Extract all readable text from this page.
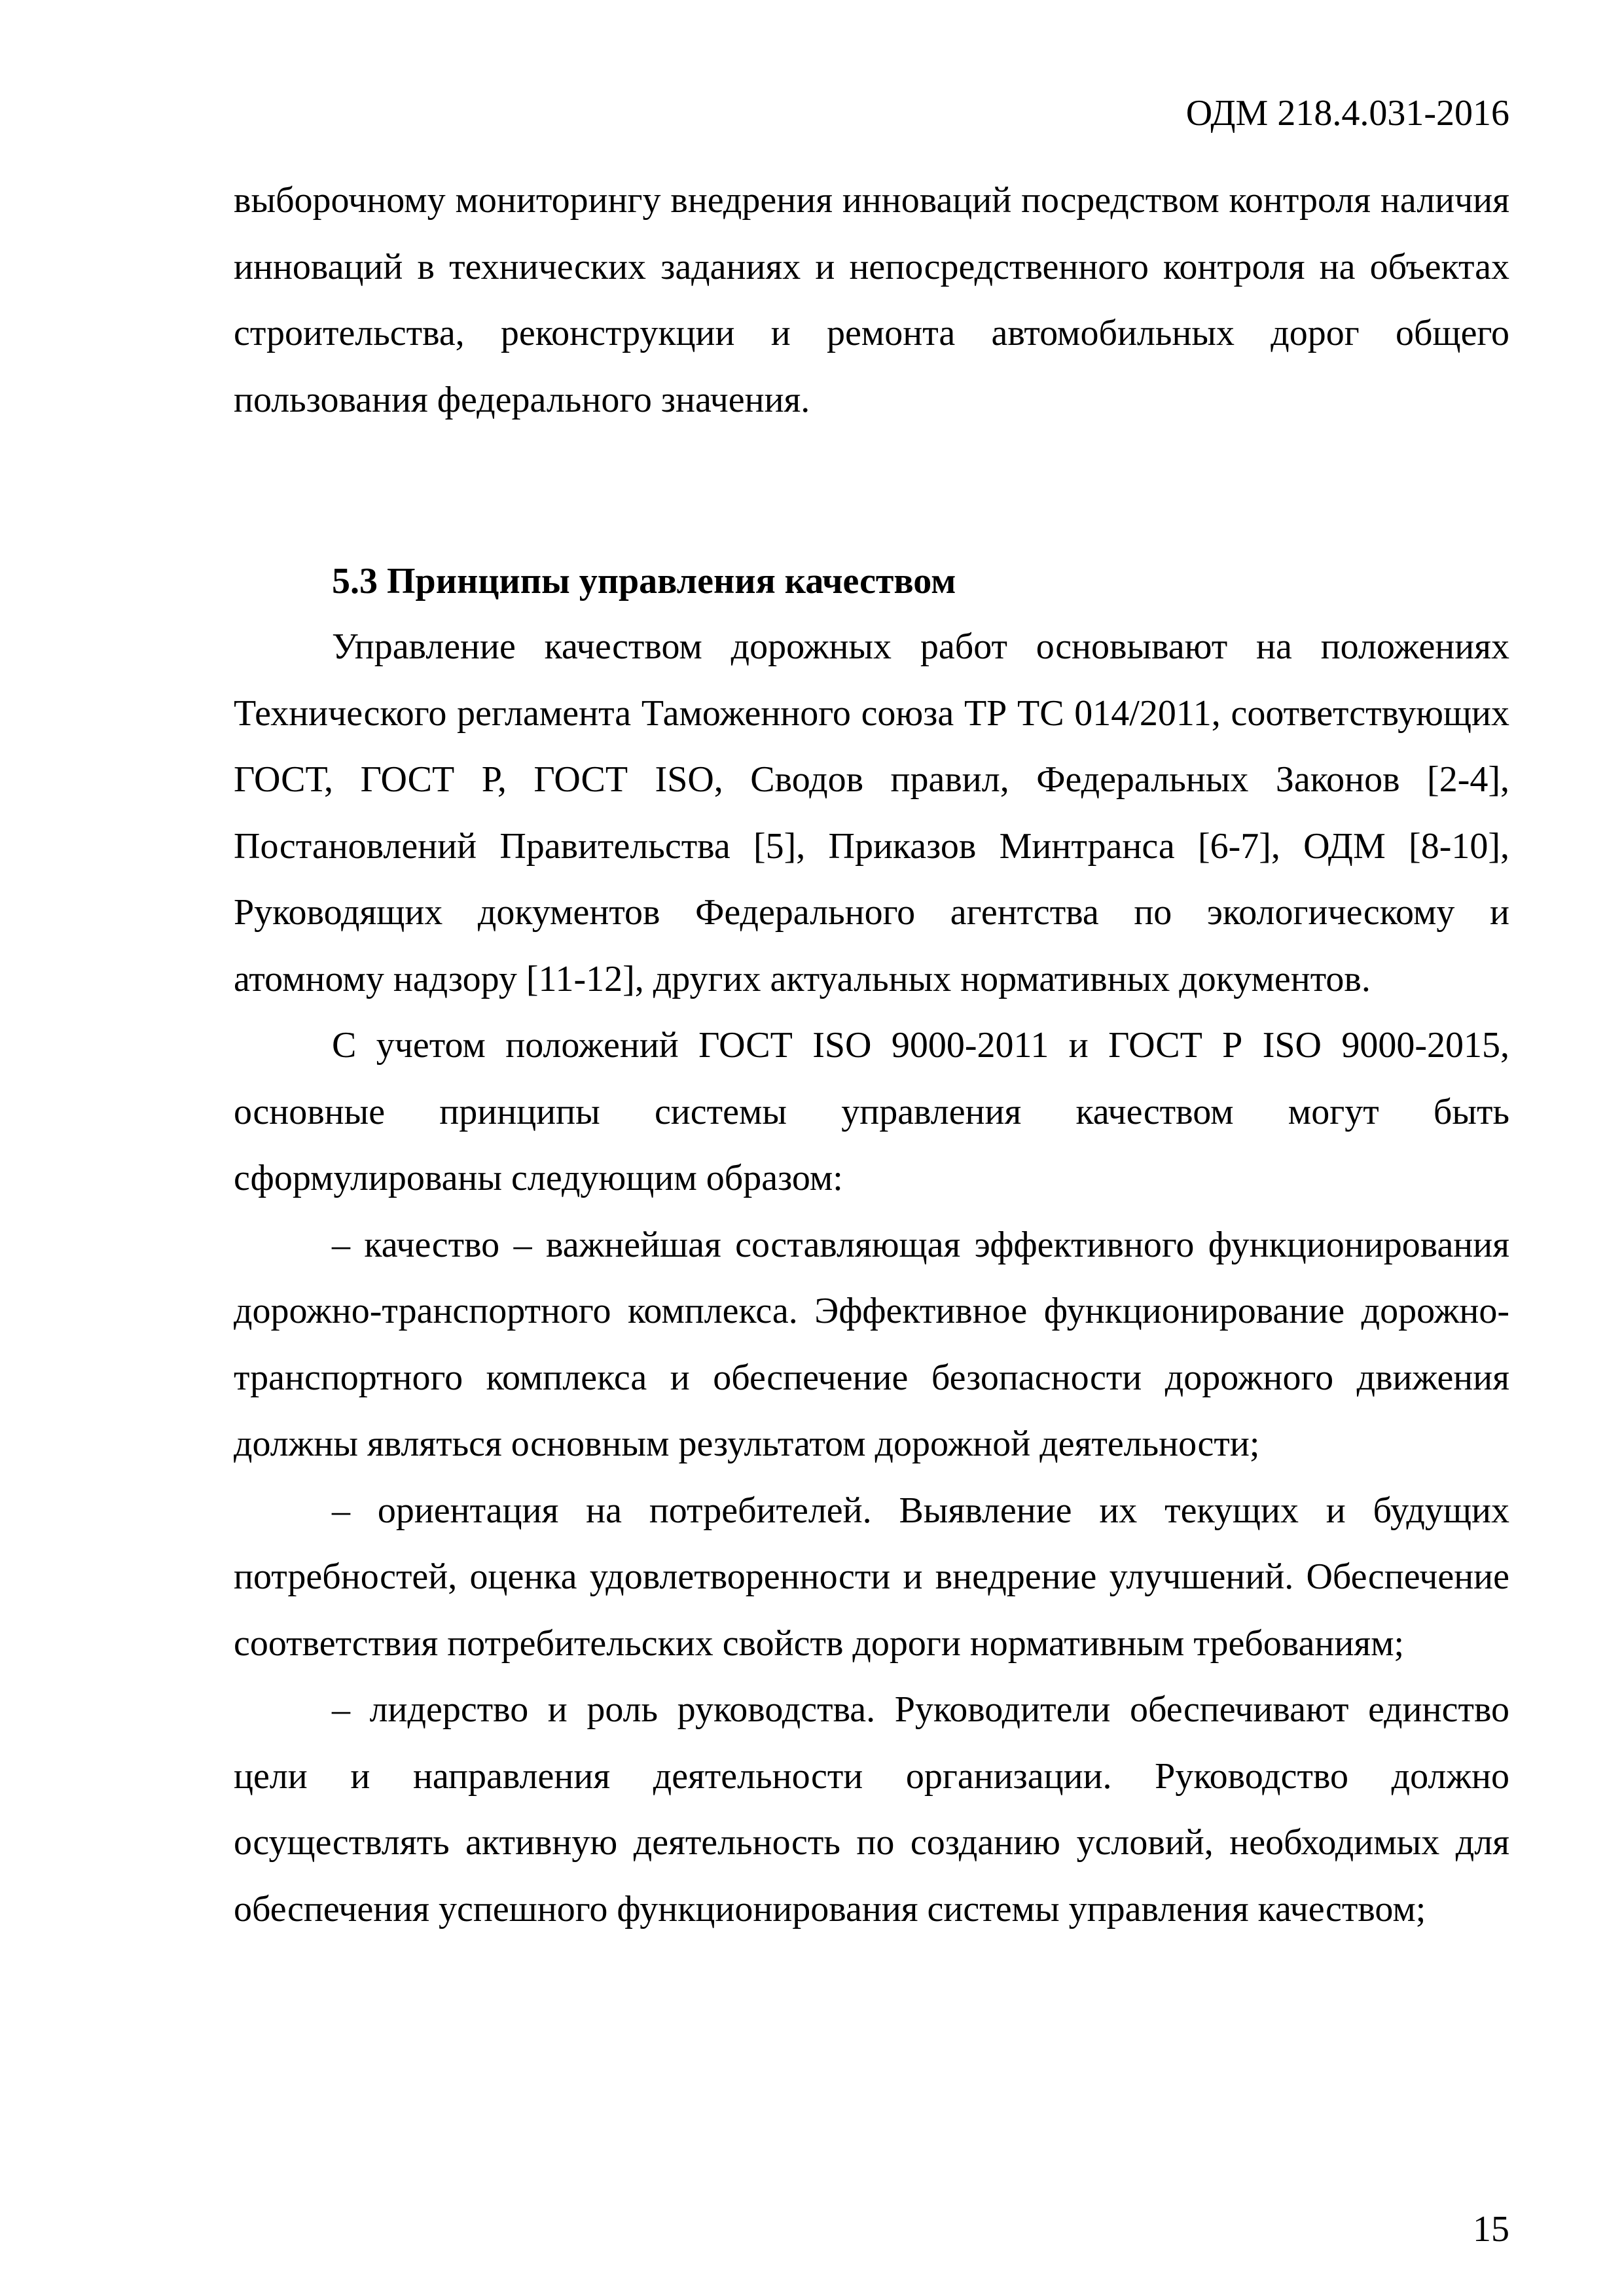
ОДМ 218.4.031-2016

выборочному мониторингу внедрения инноваций посредством контроля наличия инноваций в технических заданиях и непосредственного контроля на объектах строительства, реконструкции и ремонта автомобильных дорог общего пользования федерального значения.

5.3 Принципы управления качеством

Управление качеством дорожных работ основывают на положениях Технического регламента Таможенного союза ТР ТС 014/2011, соответствующих ГОСТ, ГОСТ Р, ГОСТ ISO, Сводов правил, Федеральных Законов [2-4], Постановлений Правительства [5], Приказов Минтранса [6-7], ОДМ [8-10], Руководящих документов Федерального агентства по экологическому и атомному надзору [11-12], других актуальных нормативных документов.

С учетом положений ГОСТ ISO 9000-2011 и ГОСТ Р ISO 9000-2015, основные принципы системы управления качеством могут быть сформулированы следующим образом:

– качество – важнейшая составляющая эффективного функционирования дорожно-транспортного комплекса. Эффективное функционирование дорожно-транспортного комплекса и обеспечение безопасности дорожного движения должны являться основным результатом дорожной деятельности;

– ориентация на потребителей. Выявление их текущих и будущих потребностей, оценка удовлетворенности и внедрение улучшений. Обеспечение соответствия потребительских свойств дороги нормативным требованиям;

– лидерство и роль руководства. Руководители обеспечивают единство цели и направления деятельности организации. Руководство должно осуществлять активную деятельность по созданию условий, необходимых для обеспечения успешного функционирования системы управления качеством;

15
